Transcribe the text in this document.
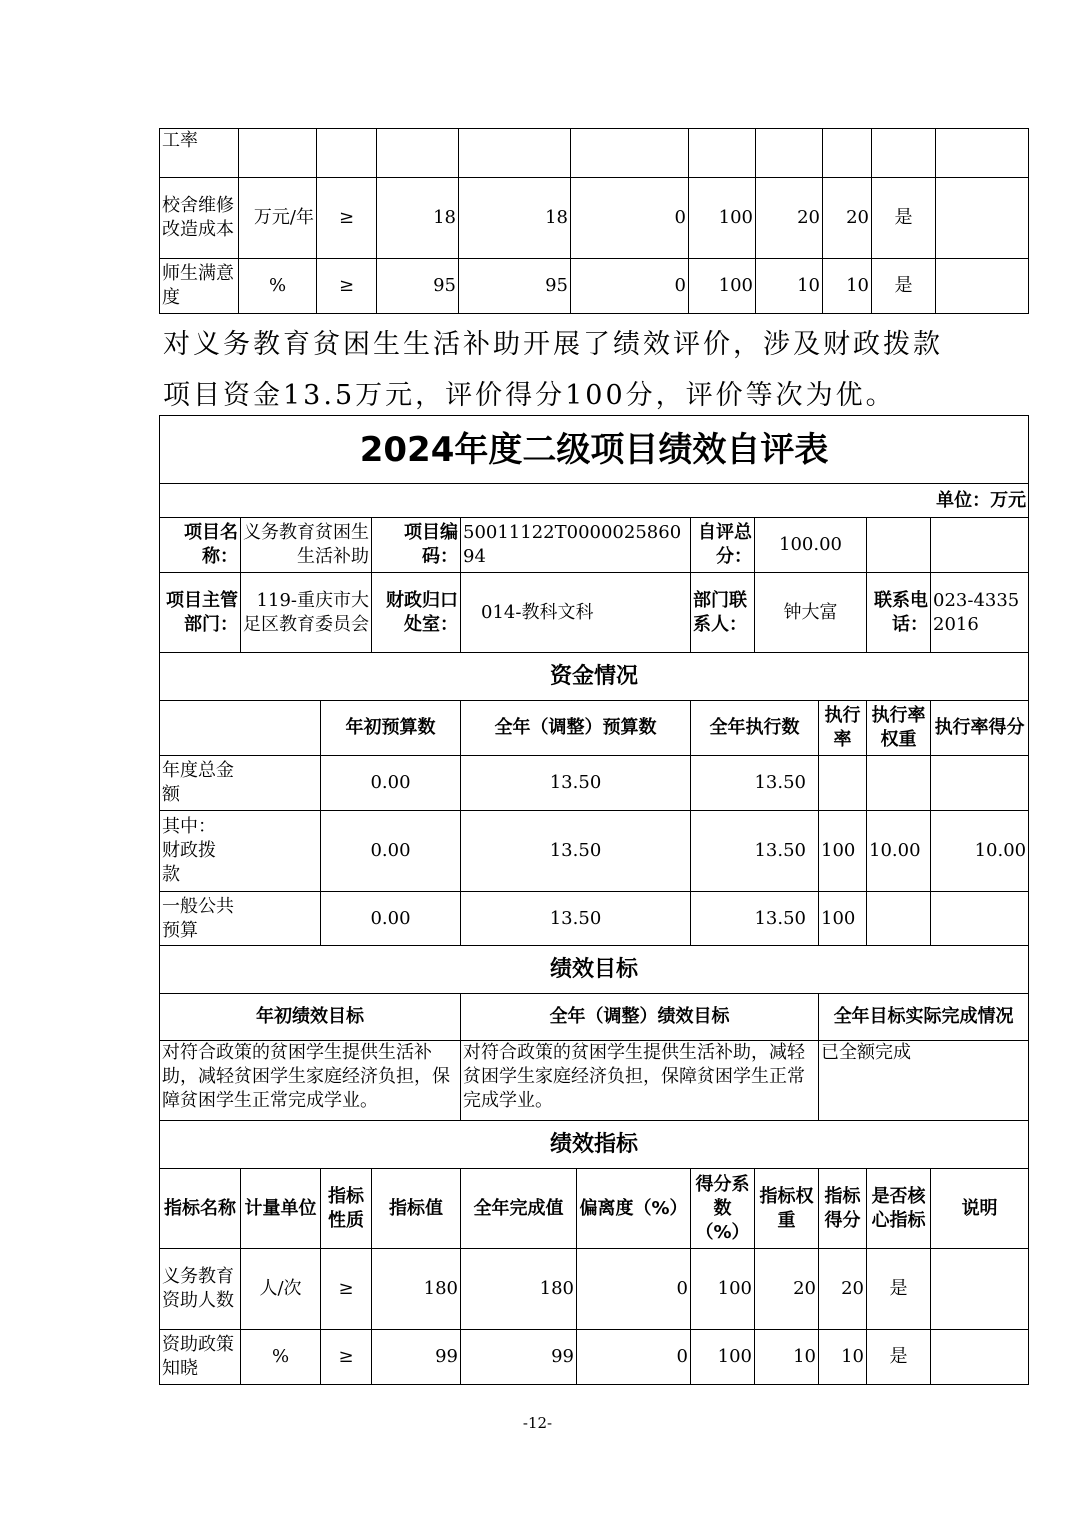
工率										
校舍维修改造成本	万元/年	≥	18	18	0	100	20	20	是	
师生满意度	%	≥	95	95	0	100	10	10	是	
对义务教育贫困生生活补助开展了绩效评价，涉及财政拨款
项目资金13.5万元，评价得分100分，评价等次为优。
2024年度二级项目绩效自评表										
单位：万元										
项目名称：	义务教育贫困生生活补助		项目编码：	50011122T000002586094		自评总分：	100.00			
项目主管部门：	119-重庆市大足区教育委员会		财政归口处室：	014-教科文科		部门联系人：	钟大富		联系电话：	023-43352016
资金情况										
		年初预算数		全年（调整）预算数		全年执行数		执行率	执行率权重	执行率得分
年度总金额		0.00		13.50		13.50				
其中：财政拨款		0.00		13.50		13.50		100	10.00	10.00
一般公共预算		0.00		13.50		13.50		100		
绩效目标										
年初绩效目标				全年（调整）绩效目标				全年目标实际完成情况		
对符合政策的贫困学生提供生活补助，减轻贫困学生家庭经济负担，保障贫困学生正常完成学业。				对符合政策的贫困学生提供生活补助，减轻贫困学生家庭经济负担，保障贫困学生正常完成学业。				已全额完成		
绩效指标										
指标名称	计量单位	指标性质	指标值	全年完成值	偏离度（%）	得分系数（%）	指标权重	指标得分	是否核心指标	说明
义务教育资助人数	人/次	≥	180	180	0	100	20	20	是	
资助政策知晓	%	≥	99	99	0	100	10	10	是	
-12-
